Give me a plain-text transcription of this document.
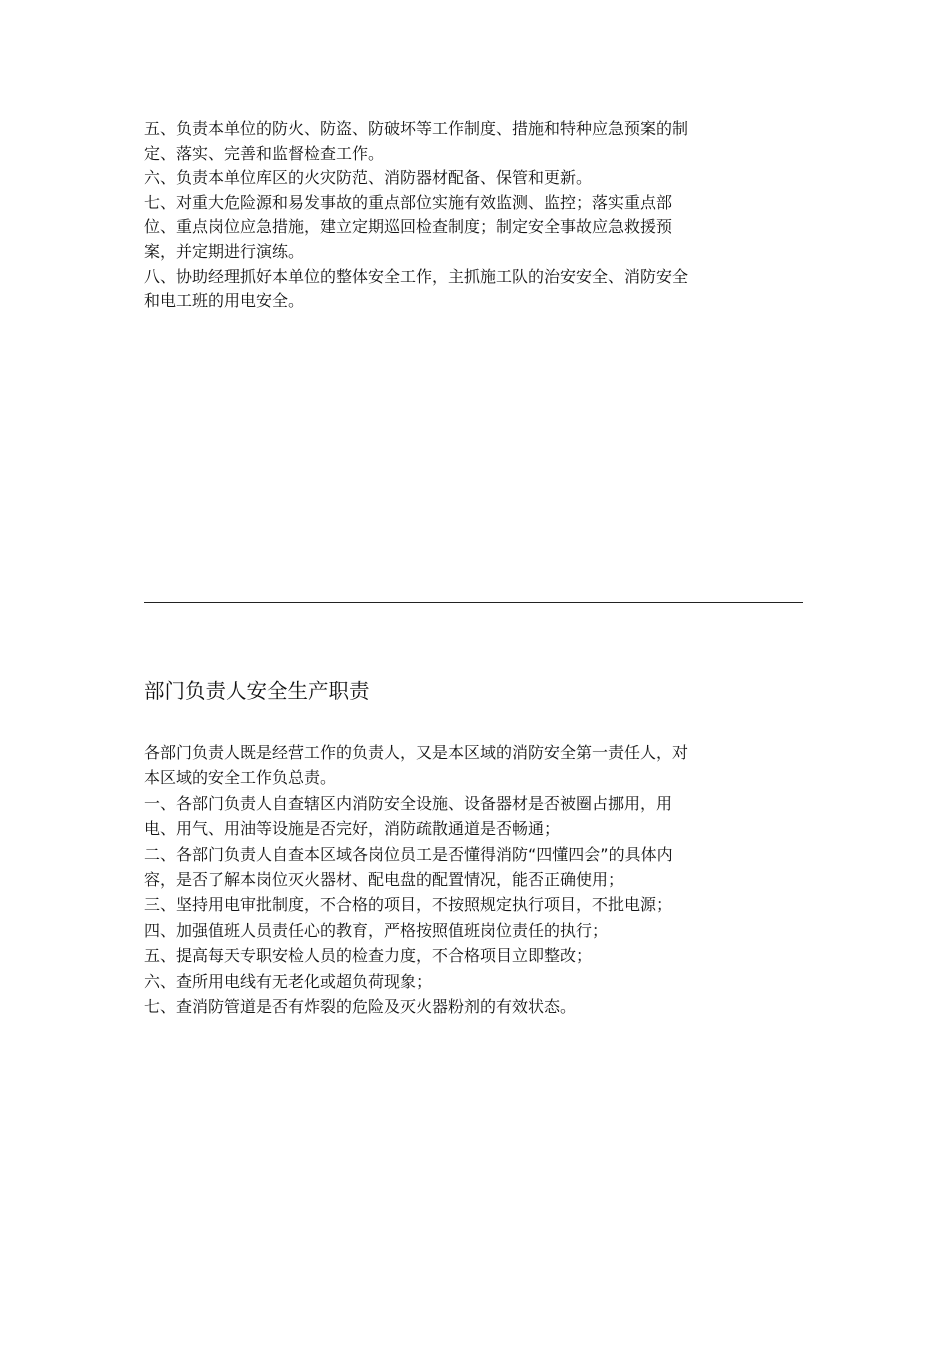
五、负责本单位的防火、防盗、防破坏等工作制度、措施和特种应急预案的制
定、落实、完善和监督检查工作。
六、负责本单位库区的火灾防范、消防器材配备、保管和更新。
七、对重大危险源和易发事故的重点部位实施有效监测、监控；落实重点部
位、重点岗位应急措施，建立定期巡回检查制度；制定安全事故应急救援预
案，并定期进行演练。
八、协助经理抓好本单位的整体安全工作，主抓施工队的治安安全、消防安全
和电工班的用电安全。
部门负责人安全生产职责
各部门负责人既是经营工作的负责人，又是本区域的消防安全第一责任人，对
本区域的安全工作负总责。
一、各部门负责人自查辖区内消防安全设施、设备器材是否被圈占挪用，用
电、用气、用油等设施是否完好，消防疏散通道是否畅通；
二、各部门负责人自查本区域各岗位员工是否懂得消防“四懂四会”的具体内
容，是否了解本岗位灭火器材、配电盘的配置情况，能否正确使用；
三、坚持用电审批制度，不合格的项目，不按照规定执行项目，不批电源；
四、加强值班人员责任心的教育，严格按照值班岗位责任的执行；
五、提高每天专职安检人员的检查力度，不合格项目立即整改；
六、查所用电线有无老化或超负荷现象；
七、查消防管道是否有炸裂的危险及灭火器粉剂的有效状态。
